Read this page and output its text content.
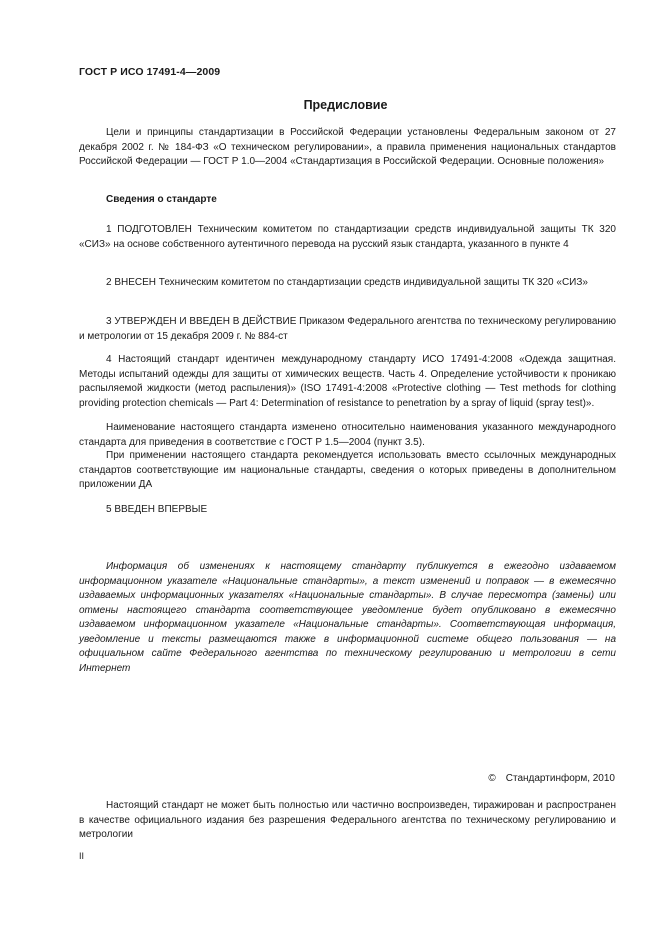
ГОСТ Р ИСО 17491-4—2009
Предисловие

Цели и принципы стандартизации в Российской Федерации установлены Федеральным законом от 27 декабря 2002 г. № 184-ФЗ «О техническом регулировании», а правила применения национальных стандартов Российской Федерации — ГОСТ Р 1.0—2004 «Стандартизация в Российской Федерации. Основные положения»

Сведения о стандарте

1 ПОДГОТОВЛЕН Техническим комитетом по стандартизации средств индивидуальной защиты ТК 320 «СИЗ» на основе собственного аутентичного перевода на русский язык стандарта, указанного в пункте 4

2 ВНЕСЕН Техническим комитетом по стандартизации средств индивидуальной защиты ТК 320 «СИЗ»

3 УТВЕРЖДЕН И ВВЕДЕН В ДЕЙСТВИЕ Приказом Федерального агентства по техническому регулированию и метрологии от 15 декабря 2009 г. № 884-ст

4 Настоящий стандарт идентичен международному стандарту ИСО 17491-4:2008 «Одежда защитная. Методы испытаний одежды для защиты от химических веществ. Часть 4. Определение устойчивости к проникаю распыляемой жидкости (метод распыления)» (ISO 17491-4:2008 «Protective clothing — Test methods for clothing providing protection chemicals — Part 4: Determination of resistance to penetration by a spray of liquid (spray test)».

Наименование настоящего стандарта изменено относительно наименования указанного международного стандарта для приведения в соответствие с ГОСТ Р 1.5—2004 (пункт 3.5).

При применении настоящего стандарта рекомендуется использовать вместо ссылочных международных стандартов соответствующие им национальные стандарты, сведения о которых приведены в дополнительном приложении ДА

5 ВВЕДЕН ВПЕРВЫЕ

Информация об изменениях к настоящему стандарту публикуется в ежегодно издаваемом информационном указателе «Национальные стандарты», а текст изменений и поправок — в ежемесячно издаваемых информационных указателях «Национальные стандарты». В случае пересмотра (замены) или отмены настоящего стандарта соответствующее уведомление будет опубликовано в ежемесячно издаваемом информационном указателе «Национальные стандарты». Соответствующая информация, уведомление и тексты размещаются также в информационной системе общего пользования — на официальном сайте Федерального агентства по техническому регулированию и метрологии в сети Интернет

© Стандартинформ, 2010

Настоящий стандарт не может быть полностью или частично воспроизведен, тиражирован и распространен в качестве официального издания без разрешения Федерального агентства по техническому регулированию и метрологии

II
